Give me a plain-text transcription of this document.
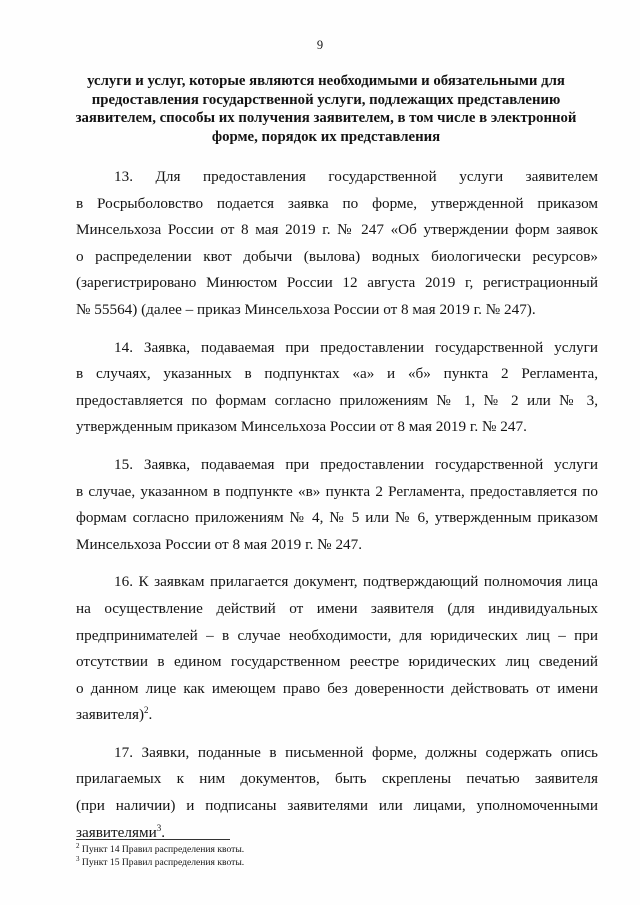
9
услуги и услуг, которые являются необходимыми и обязательными для
предоставления государственной услуги, подлежащих представлению
заявителем, способы их получения заявителем, в том числе в электронной
форме, порядок их представления
13. Для предоставления государственной услуги заявителем
в Росрыболовство подается заявка по форме, утвержденной приказом
Минсельхоза России от 8 мая 2019 г. № 247 «Об утверждении форм заявок
о распределении квот добычи (вылова) водных биологически ресурсов»
(зарегистрировано Минюстом России 12 августа 2019 г, регистрационный
№ 55564) (далее – приказ Минсельхоза России от 8 мая 2019 г. № 247).
14. Заявка, подаваемая при предоставлении государственной услуги
в случаях, указанных в подпунктах «а» и «б» пункта 2 Регламента,
предоставляется по формам согласно приложениям № 1, № 2 или № 3,
утвержденным приказом Минсельхоза России от 8 мая 2019 г. № 247.
15. Заявка, подаваемая при предоставлении государственной услуги
в случае, указанном в подпункте «в» пункта 2 Регламента, предоставляется по
формам согласно приложениям № 4, № 5 или № 6, утвержденным приказом
Минсельхоза России от 8 мая 2019 г. № 247.
16. К заявкам прилагается документ, подтверждающий полномочия лица
на осуществление действий от имени заявителя (для индивидуальных
предпринимателей – в случае необходимости, для юридических лиц – при
отсутствии в едином государственном реестре юридических лиц сведений
о данном лице как имеющем право без доверенности действовать от имени
заявителя)$^2$.
17. Заявки, поданные в письменной форме, должны содержать опись
прилагаемых к ним документов, быть скреплены печатью заявителя
(при наличии) и подписаны заявителями или лицами, уполномоченными
заявителями$^3$.
$^2$ Пункт 14 Правил распределения квоты.
$^3$ Пункт 15 Правил распределения квоты.
